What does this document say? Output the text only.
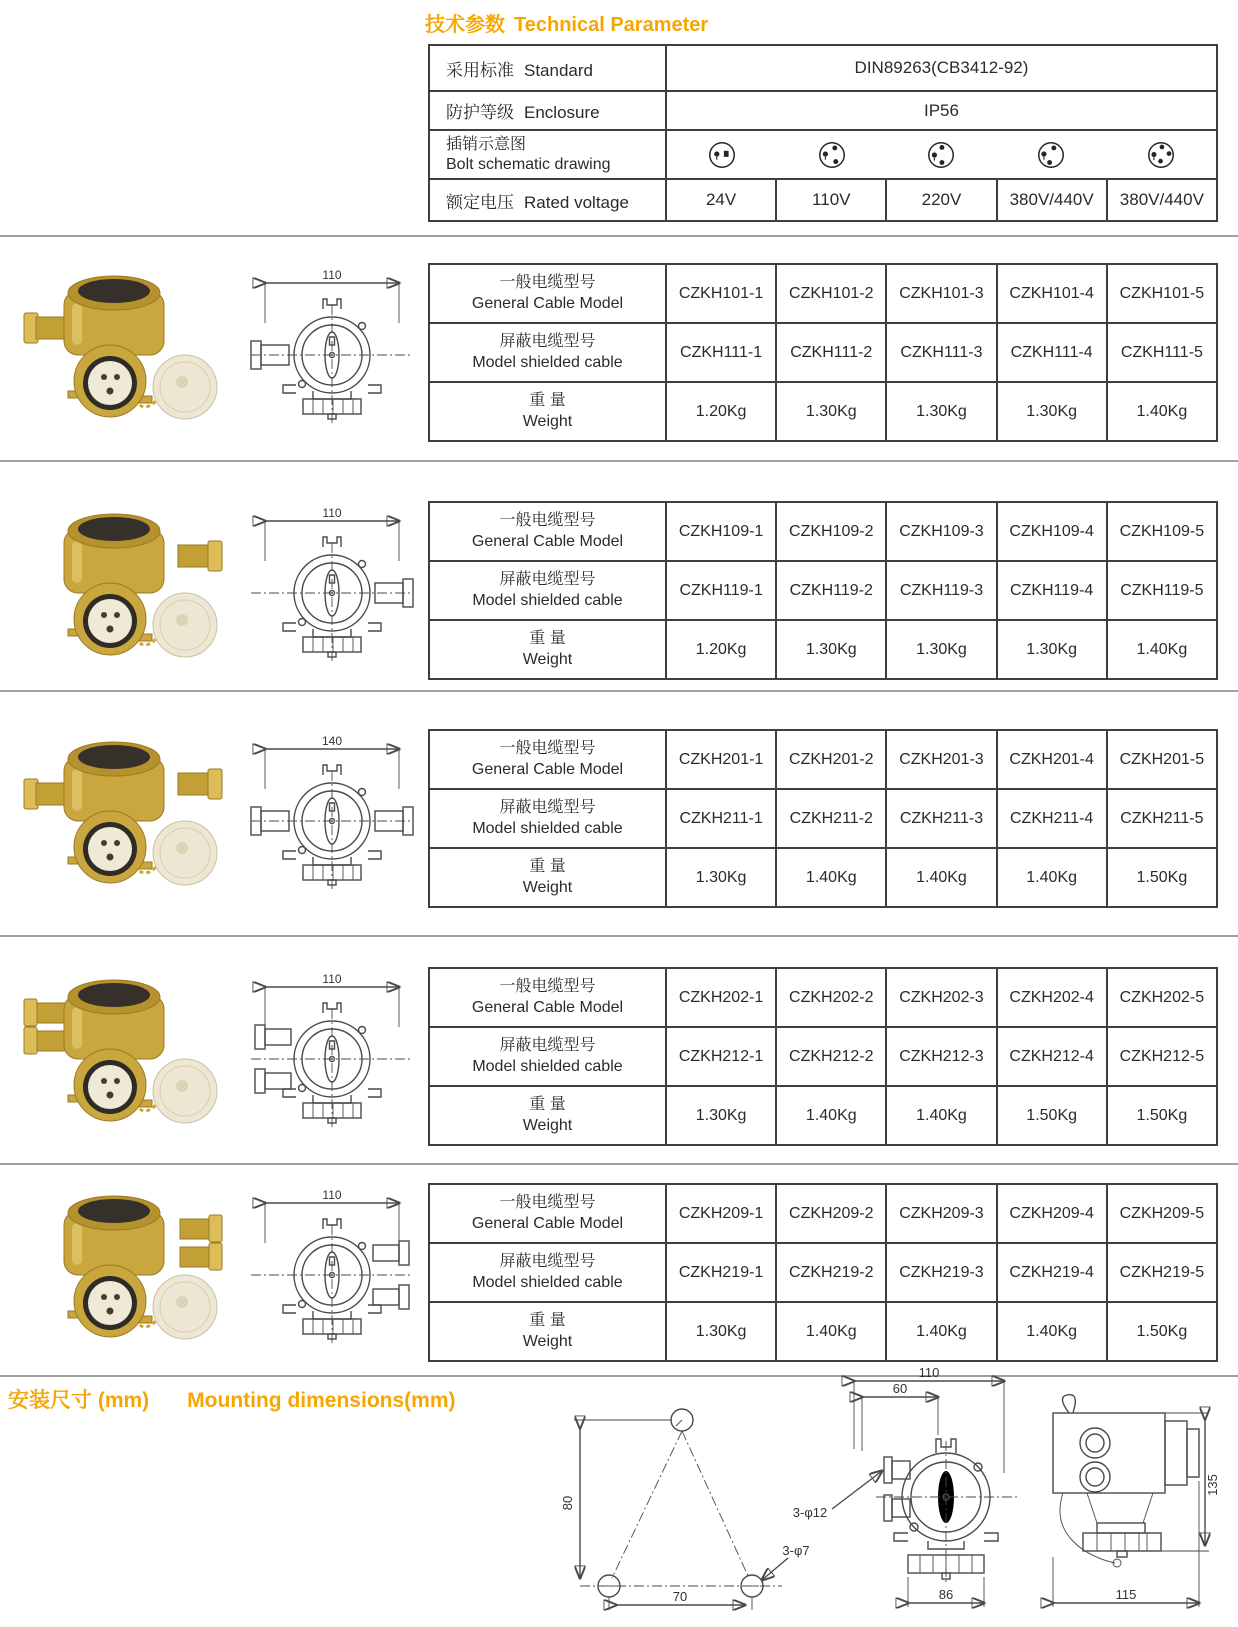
技术参数 Technical Parameter
采用标准 Standard	DIN89263(CB3412-92)				
防护等级 Enclosure	IP56				

插销示意图
Bolt schematic drawing

额定电压 Rated voltage	24V	110V	220V	380V/440V	380V/440V
110	一般电缆型号
General Cable Model	CZKH101-1	CZKH101-2	CZKH101-3	CZKH101-4	CZKH101-5

屏蔽电缆型号
Model shielded cable	CZKH111-1	CZKH111-2	CZKH111-3	CZKH111-4	CZKH111-5

重 量
Weight	1.20Kg	1.30Kg	1.30Kg	1.30Kg	1.40Kg
110	一般电缆型号
General Cable Model	CZKH109-1	CZKH109-2	CZKH109-3	CZKH109-4	CZKH109-5

屏蔽电缆型号
Model shielded cable	CZKH119-1	CZKH119-2	CZKH119-3	CZKH119-4	CZKH119-5

重 量
Weight	1.20Kg	1.30Kg	1.30Kg	1.30Kg	1.40Kg
140	一般电缆型号
General Cable Model	CZKH201-1	CZKH201-2	CZKH201-3	CZKH201-4	CZKH201-5

屏蔽电缆型号
Model shielded cable	CZKH211-1	CZKH211-2	CZKH211-3	CZKH211-4	CZKH211-5

重 量
Weight	1.30Kg	1.40Kg	1.40Kg	1.40Kg	1.50Kg
110	一般电缆型号
General Cable Model	CZKH202-1	CZKH202-2	CZKH202-3	CZKH202-4	CZKH202-5

屏蔽电缆型号
Model shielded cable	CZKH212-1	CZKH212-2	CZKH212-3	CZKH212-4	CZKH212-5

重 量
Weight	1.30Kg	1.40Kg	1.40Kg	1.50Kg	1.50Kg
110	一般电缆型号
General Cable Model	CZKH209-1	CZKH209-2	CZKH209-3	CZKH209-4	CZKH209-5

屏蔽电缆型号
Model shielded cable	CZKH219-1	CZKH219-2	CZKH219-3	CZKH219-4	CZKH219-5

重 量
Weight	1.30Kg	1.40Kg	1.40Kg	1.40Kg	1.50Kg
安装尺寸 (mm) Mounting dimensions(mm)
80
70
3-φ7
110
60
86
3-φ12
135
115
